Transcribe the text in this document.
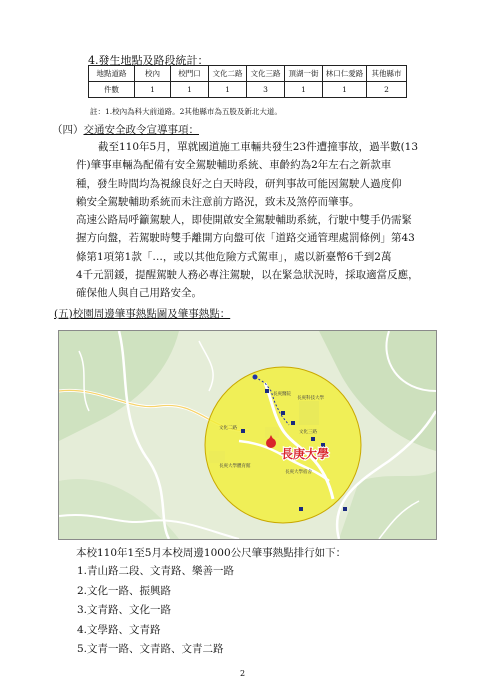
4.發生地點及路段統計：
地點道路	校內	校門口	文化二路	文化三路	頂湖一街	林口仁愛路	其他縣市
件數	1	1	1	3	1	1	2
註：1.校內為科大前道路。2其他縣市為五股及新北大道。
（四）交通安全政令宣導事項：
截至110年5月，單就國道施工車輛共發生23件遭撞事故，過半數(13
件)肇事車輛為配備有安全駕駛輔助系統、車齡約為2年左右之新款車
種，發生時間均為視線良好之白天時段，研判事故可能因駕駛人過度仰
賴安全駕駛輔助系統而未注意前方路況，致未及煞停而肇事。
高速公路局呼籲駕駛人，即使開啟安全駕駛輔助系統，行駛中雙手仍需緊
握方向盤，若駕駛時雙手離開方向盤可依「道路交通管理處罰條例」第43
條第1項第1款「…，或以其他危險方式駕車」，處以新臺幣6千到2萬
4千元罰鍰，提醒駕駛人務必專注駕駛，以在緊急狀況時，採取適當反應，
確保他人與自己用路安全。
(五)校園周邊肇事熱點圖及肇事熱點：
長庚醫院
長庚科技大學
文化二路
文化三路
長庚大學體育館
長庚大學宿舍
長庚大學
本校110年1至5月本校周邊1000公尺肇事熱點排行如下：
1.青山路二段、文青路、樂善一路
2.文化一路、振興路
3.文青路、文化一路
4.文學路、文青路
5.文青一路、文青路、文青二路
2
